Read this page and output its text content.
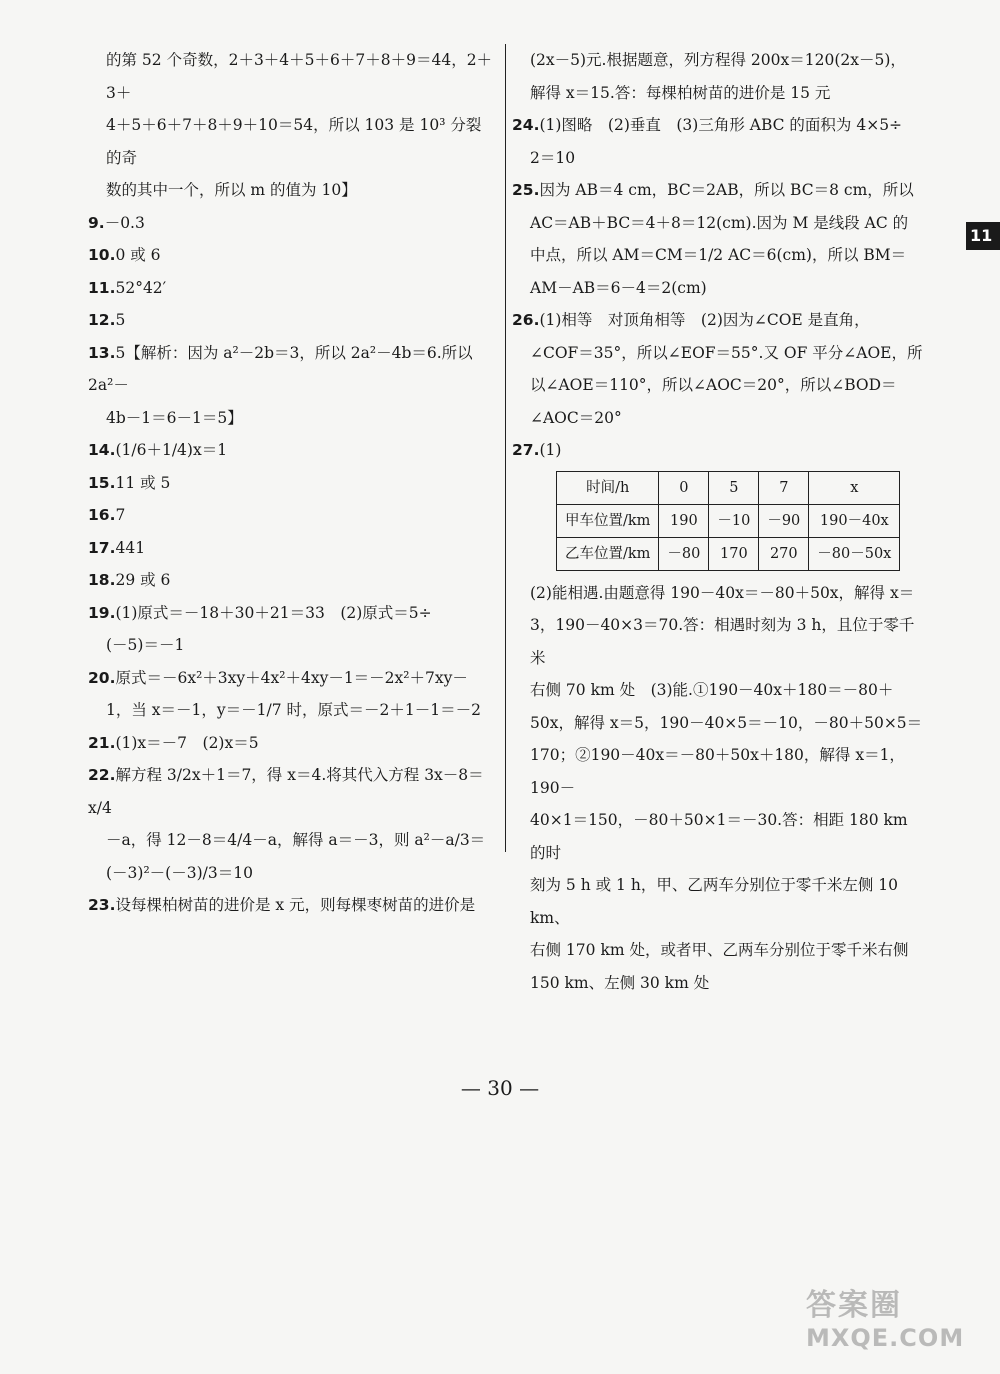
的第 52 个奇数，2＋3＋4＋5＋6＋7＋8＋9＝44，2＋3＋
4＋5＋6＋7＋8＋9＋10＝54，所以 103 是 10³ 分裂的奇
数的其中一个，所以 m 的值为 10】
9.－0.3
10.0 或 6
11.52°42′
12.5
13.5【解析：因为 a²－2b＝3，所以 2a²－4b＝6.所以 2a²－
4b－1＝6－1＝5】
14.(1/6＋1/4)x＝1
15.11 或 5
16.7
17.441
18.29 或 6
19.(1)原式＝－18＋30＋21＝33　(2)原式＝5÷
(－5)＝－1
20.原式＝－6x²＋3xy＋4x²＋4xy－1＝－2x²＋7xy－
1，当 x＝－1，y＝－1/7 时，原式＝－2＋1－1＝－2
21.(1)x＝－7　(2)x＝5
22.解方程 3/2x＋1＝7，得 x＝4.将其代入方程 3x－8＝x/4
－a，得 12－8＝4/4－a，解得 a＝－3，则 a²－a/3＝
(－3)²－(－3)/3＝10
23.设每棵柏树苗的进价是 x 元，则每棵枣树苗的进价是
(2x－5)元.根据题意，列方程得 200x＝120(2x－5)，
解得 x＝15.答：每棵柏树苗的进价是 15 元
24.(1)图略　(2)垂直　(3)三角形 ABC 的面积为 4×5÷
2＝10
25.因为 AB＝4 cm，BC＝2AB，所以 BC＝8 cm，所以
AC＝AB＋BC＝4＋8＝12(cm).因为 M 是线段 AC 的
中点，所以 AM＝CM＝1/2 AC＝6(cm)，所以 BM＝
AM－AB＝6－4＝2(cm)
26.(1)相等　对顶角相等　(2)因为∠COE 是直角，
∠COF＝35°，所以∠EOF＝55°.又 OF 平分∠AOE，所
以∠AOE＝110°，所以∠AOC＝20°，所以∠BOD＝
∠AOC＝20°
27.(1)
时间/h	0	5	7	x
甲车位置/km	190	－10	－90	190－40x
乙车位置/km	－80	170	270	－80－50x
(2)能相遇.由题意得 190－40x＝－80＋50x，解得 x＝
3，190－40×3＝70.答：相遇时刻为 3 h，且位于零千米
右侧 70 km 处　(3)能.①190－40x＋180＝－80＋
50x，解得 x＝5，190－40×5＝－10，－80＋50×5＝
170；②190－40x＝－80＋50x＋180，解得 x＝1，190－
40×1＝150，－80＋50×1＝－30.答：相距 180 km 的时
刻为 5 h 或 1 h，甲、乙两车分别位于零千米左侧 10 km、
右侧 170 km 处，或者甲、乙两车分别位于零千米右侧
150 km、左侧 30 km 处
11
— 30 —
答案圈
MXQE.COM
